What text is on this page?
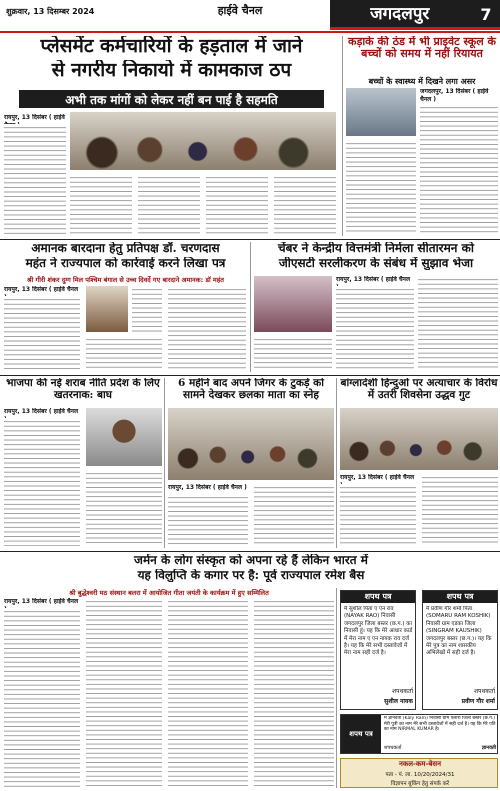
शुक्रवार, 13 दिसम्बर 2024	हाईवे चैनल	जगदलपुर	7
प्लेसमेंट कर्मचारियों के हड़ताल में जाने
से नगरीय निकायो में कामकाज ठप
अभी तक मांगों को लेकर नहीं बन पाई है सहमति
रायपुर, 13 दिसंबर ( हाईवे
कड़ाके की ठंड में भी प्राइवेट स्कूल के बच्चों को समय में नहीं रियायत
बच्चों के स्वास्थ्य में दिखने लगा असर
जगदलपुर, 13 दिसंबर ( हाईवे चैनल )
अमानक बारदाना हेतु प्रतिपक्ष डॉ. चरणदास
महंत ने राज्यपाल को कार्रवाई करने लिखा पत्र
श्री गीरी शंकर दुग्ग मिल पश्चिम बंगाल से उच्च दिवर्दे गए बारदाने अमानक: डॉ महंत
रायपुर, 13 दिसंबर ( हाईवे चैनल
चेंबर ने केन्द्रीय वित्तमंत्री निर्मला सीतारमन को
जीएसटी सरलीकरण के संबंध में सुझाव भेजा
रायपुर, 13 दिसंबर ( हाईवे चैनल
भाजपा की नई शराब नीति प्रदेश के लिए खतरनाक: बाघ
रायपुर, 13 दिसंबर ( हाईवे चैनल
6 महीने बाद अपने जिगर के टुकड़े को सामने देखकर छलका माता का स्नेह
रायपुर, 13 दिसंबर ( हाईवे चैनल )
बांग्लादेशी हिन्दुओं पर अत्याचार के विरोध में उतरी शिवसेना उद्धव गुट
रायपुर, 13 दिसंबर ( हाईवे चैनल
जर्मन के लोग संस्कृत को अपना रहे हैं लेकिन भारत में
यह विलुप्ति के कगार पर है: पूर्व राज्यपाल रमेश बैस
श्री बुद्धेश्वरी मठ संस्थान बलरा में आयोजित गीता जयंती के कार्यक्रम में हुए सम्मिलित
रायपुर, 13 दिसंबर ( हाईवे चैनल
शपथ पत्र
मैं सुशील पिता ए एन राव (NAYAK RAO) निवासी जगदलपुर जिला बस्तर (छ.ग.) का निवासी हूं। यह कि मेरे आधार कार्ड में मेरा नाम ए एन नायक राव दर्ज है। यह कि मेरे सभी दस्तावेजों में मेरा नाम सही दर्ज है।
शपथकर्ता
सुशील नायक
शपथ पत्र
मैं प्रवीण गौर शर्मा पिता (SOMARU RAM KOSHIK) निवासी ग्राम एडका जिला (SINGRAM KAUSHIK) जगदलपुर बस्तर (छ.ग.)। यह कि मेरे पुत्र का नाम शासकीय अभिलेखों में सही दर्ज है।
शपथकर्ता
प्रवीण गौर शर्मा
शपथ पत्र
मैं ज्ञानवती (Kaly Ram) निवासी ग्राम पलारी जिला बस्तर (छ.ग.) मेरी पुत्री का नाम मेरे सभी दस्तावेजों में सही दर्ज है। यह कि मेरे पति का नाम NIRMAL KUMAR है।
शपथकर्ता	ज्ञानवती
नकल-कम-बेसन
पता - पं. ला. 10/20/2024/31
विज्ञापन बुकिंग हेतु संपर्क करें
